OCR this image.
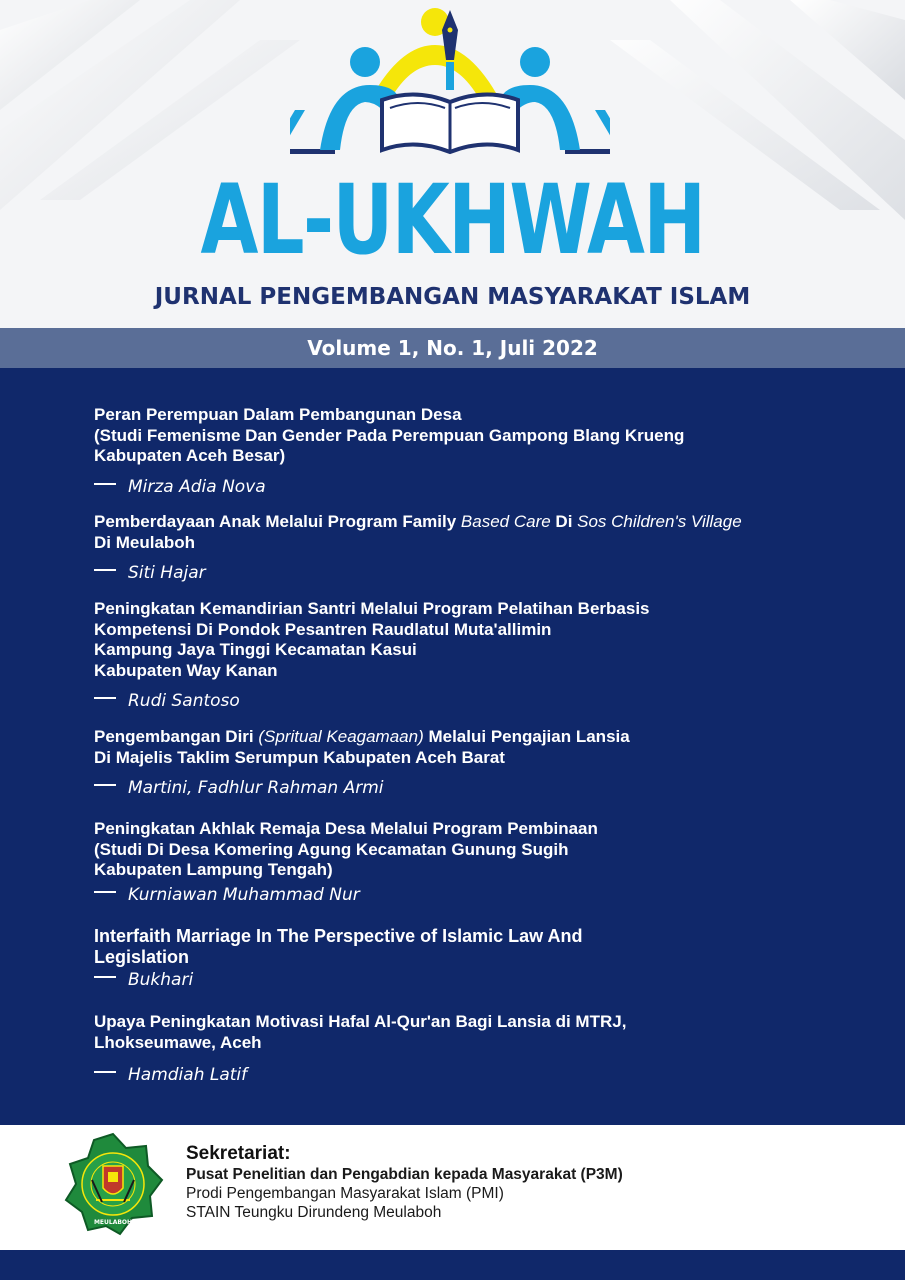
AL-UKHWAH
JURNAL PENGEMBANGAN MASYARAKAT ISLAM
Volume 1, No. 1, Juli 2022
Peran Perempuan Dalam Pembangunan Desa
(Studi Femenisme Dan Gender Pada Perempuan Gampong Blang Krueng
Kabupaten Aceh Besar)
Mirza Adia Nova
Pemberdayaan Anak Melalui Program Family Based Care Di Sos Children's Village
Di Meulaboh
Siti Hajar
Peningkatan Kemandirian Santri Melalui Program Pelatihan Berbasis
Kompetensi Di Pondok Pesantren Raudlatul Muta'allimin
Kampung Jaya Tinggi Kecamatan Kasui
Kabupaten Way Kanan
Rudi Santoso
Pengembangan Diri (Spritual Keagamaan) Melalui Pengajian Lansia
Di Majelis Taklim Serumpun Kabupaten Aceh Barat
Martini, Fadhlur Rahman Armi
Peningkatan Akhlak Remaja Desa Melalui Program Pembinaan
(Studi Di Desa Komering Agung Kecamatan Gunung Sugih
Kabupaten Lampung Tengah)
Kurniawan Muhammad Nur
Interfaith Marriage In The Perspective of Islamic Law And
Legislation
Bukhari
Upaya Peningkatan Motivasi Hafal Al-Qur'an Bagi Lansia di MTRJ,
Lhokseumawe, Aceh
Hamdiah Latif
MEULABOH
Sekretariat:
Pusat Penelitian dan Pengabdian kepada Masyarakat (P3M)
Prodi Pengembangan Masyarakat Islam (PMI)
STAIN Teungku Dirundeng Meulaboh
